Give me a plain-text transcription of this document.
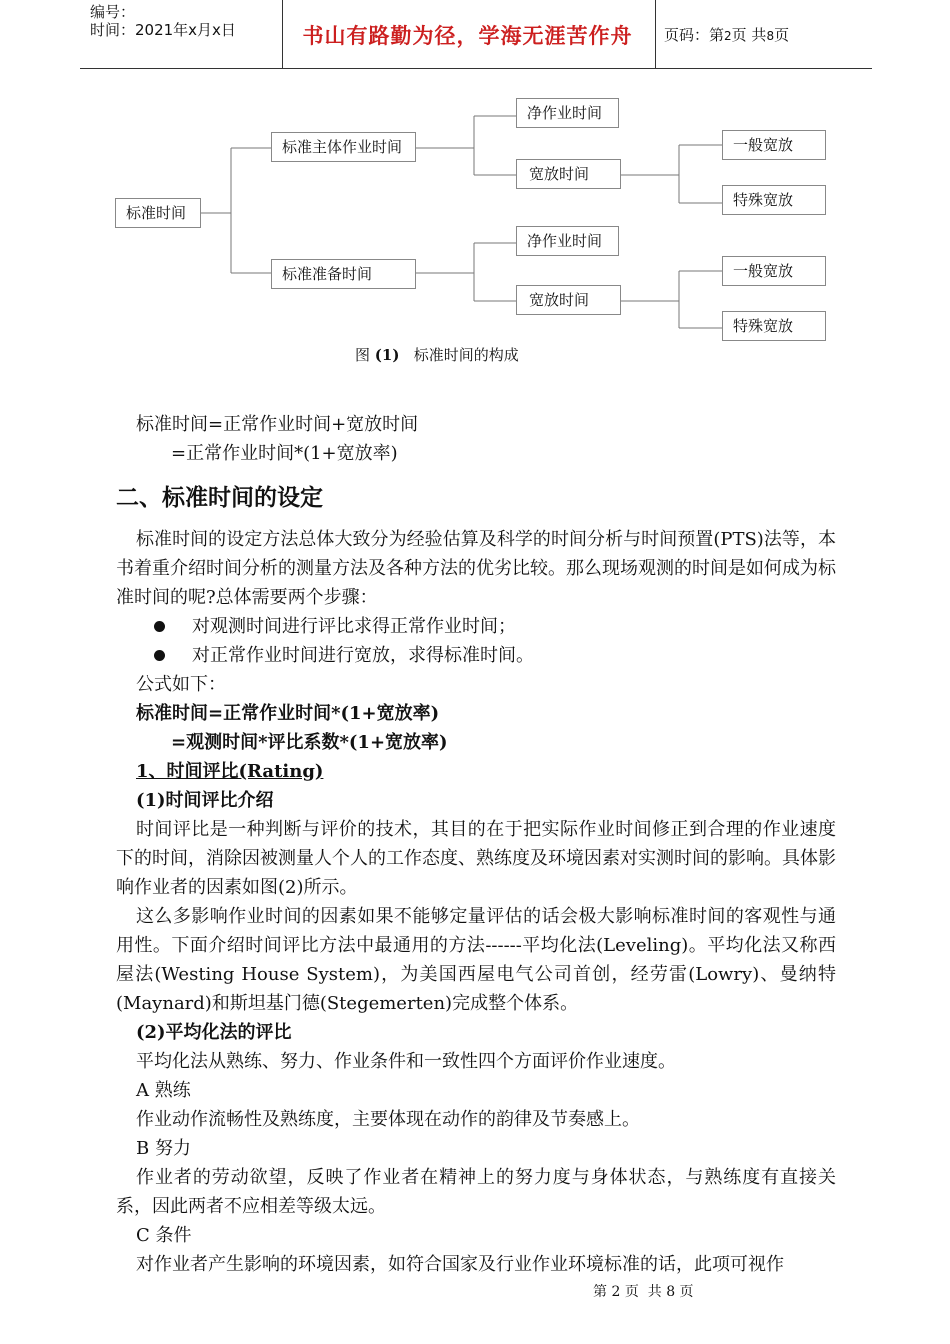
编号：
时间：2021年x月x日	书山有路勤为径，学海无涯苦作舟	页码：第2页 共8页
标准时间
标准主体作业时间
净作业时间
宽放时间
一般宽放
特殊宽放
标准准备时间
净作业时间
宽放时间
一般宽放
特殊宽放
图 (1)   标准时间的构成

标准时间=正常作业时间+宽放时间

=正常作业时间*(1+宽放率)

二、标准时间的设定

标准时间的设定方法总体大致分为经验估算及科学的时间分析与时间预置(PTS)法等，本书着重介绍时间分析的测量方法及各种方法的优劣比较。那么现场观测的时间是如何成为标准时间的呢?总体需要两个步骤：

对观测时间进行评比求得正常作业时间；

对正常作业时间进行宽放，求得标准时间。

公式如下：

标准时间=正常作业时间*(1+宽放率)

=观测时间*评比系数*(1+宽放率)

1、时间评比(Rating)

(1)时间评比介绍

时间评比是一种判断与评价的技术，其目的在于把实际作业时间修正到合理的作业速度下的时间，消除因被测量人个人的工作态度、熟练度及环境因素对实测时间的影响。具体影响作业者的因素如图(2)所示。

这么多影响作业时间的因素如果不能够定量评估的话会极大影响标准时间的客观性与通用性。下面介绍时间评比方法中最通用的方法------平均化法(Leveling)。平均化法又称西屋法(Westing House System)，为美国西屋电气公司首创，经劳雷(Lowry)、曼纳特(Maynard)和斯坦基门德(Stegemerten)完成整个体系。

(2)平均化法的评比

平均化法从熟练、努力、作业条件和一致性四个方面评价作业速度。

A 熟练

作业动作流畅性及熟练度，主要体现在动作的韵律及节奏感上。

B 努力

作业者的劳动欲望，反映了作业者在精神上的努力度与身体状态，与熟练度有直接关系，因此两者不应相差等级太远。

C 条件

对作业者产生影响的环境因素，如符合国家及行业作业环境标准的话，此项可视作

第 2 页  共 8 页
